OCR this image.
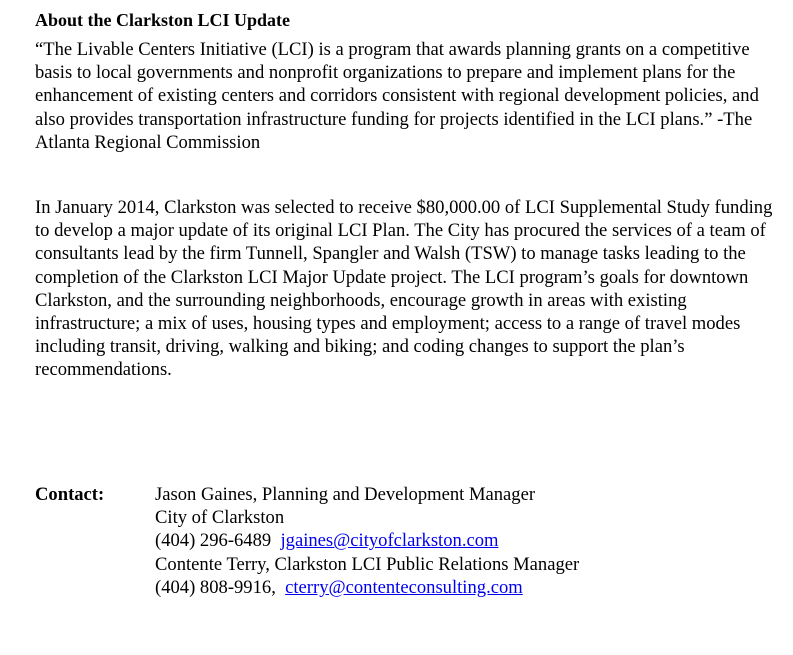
About the Clarkston LCI Update

“The Livable Centers Initiative (LCI) is a program that awards planning grants on a competitive basis to local governments and nonprofit organizations to prepare and implement plans for the enhancement of existing centers and corridors consistent with regional development policies, and also provides transportation infrastructure funding for projects identified in the LCI plans.” -The Atlanta Regional Commission

In January 2014, Clarkston was selected to receive $80,000.00 of LCI Supplemental Study funding to develop a major update of its original LCI Plan. The City has procured the services of a team of consultants lead by the firm Tunnell, Spangler and Walsh (TSW) to manage tasks leading to the completion of the Clarkston LCI Major Update project. The LCI program’s goals for downtown Clarkston, and the surrounding neighborhoods, encourage growth in areas with existing infrastructure; a mix of uses, housing types and employment; access to a range of travel modes including transit, driving, walking and biking; and coding changes to support the plan’s recommendations.

Contact:	Jason Gaines, Planning and Development Manager
City of Clarkston
(404) 296-6489 jgaines@cityofclarkston.com
Contente Terry, Clarkston LCI Public Relations Manager
(404) 808-9916, cterry@contenteconsulting.com
